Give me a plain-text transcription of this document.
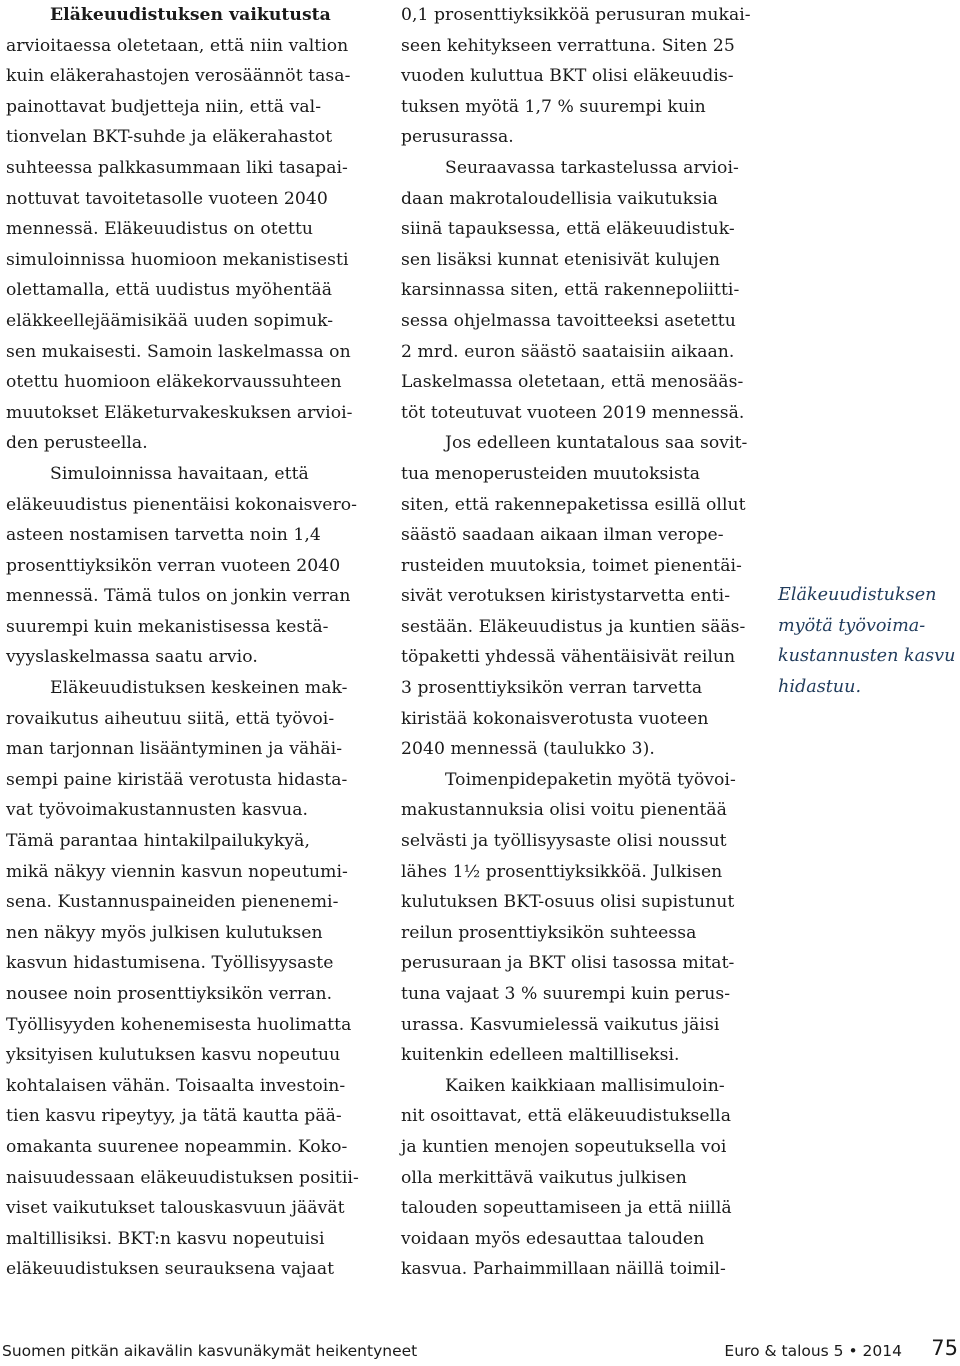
Eläkeuudistuksen vaikutusta
arvioitaessa oletetaan, että niin valtion
kuin eläkerahastojen verosäännöt tasa-
painottavat budjetteja niin, että val-
tionvelan BKT-suhde ja eläkerahastot
suhteessa palkkasummaan liki tasapai-
nottuvat tavoitetasolle vuoteen 2040
mennessä. Eläkeuudistus on otettu
simuloinnissa huomioon mekanistisesti
olettamalla, että uudistus myöhentää
eläkkeellejäämisikää uuden sopimuk-
sen mukaisesti. Samoin laskelmassa on
otettu huomioon eläkekorvaussuhteen
muutokset Eläketurvakeskuksen arvioi-
den perusteella.
Simuloinnissa havaitaan, että
eläkeuudistus pienentäisi kokonaisvero-
asteen nostamisen tarvetta noin 1,4
prosenttiyksikön verran vuoteen 2040
mennessä. Tämä tulos on jonkin verran
suurempi kuin mekanistisessa kestä-
vyyslaskelmassa saatu arvio.
Eläkeuudistuksen keskeinen mak-
rovaikutus aiheutuu siitä, että työvoi-
man tarjonnan lisääntyminen ja vähäi-
sempi paine kiristää verotusta hidasta-
vat työvoimakustannusten kasvua.
Tämä parantaa hintakilpailukykyä,
mikä näkyy viennin kasvun nopeutumi-
sena. Kustannuspaineiden pienenemi-
nen näkyy myös julkisen kulutuksen
kasvun hidastumisena. Työllisyysaste
nousee noin prosenttiyksikön verran.
Työllisyyden kohenemisesta huolimatta
yksityisen kulutuksen kasvu nopeutuu
kohtalaisen vähän. Toisaalta investoin-
tien kasvu ripeytyy, ja tätä kautta pää-
omakanta suurenee nopeammin. Koko-
naisuudessaan eläkeuudistuksen positii-
viset vaikutukset talouskasvuun jäävät
maltillisiksi. BKT:n kasvu nopeutuisi
eläkeuudistuksen seurauksena vajaat
0,1 prosenttiyksikköä perusuran mukai-
seen kehitykseen verrattuna. Siten 25
vuoden kuluttua BKT olisi eläkeuudis-
tuksen myötä 1,7 % suurempi kuin
perusurassa.
Seuraavassa tarkastelussa arvioi-
daan makrotaloudellisia vaikutuksia
siinä tapauksessa, että eläkeuudistuk-
sen lisäksi kunnat etenisivät kulujen
karsinnassa siten, että rakennepoliitti-
sessa ohjelmassa tavoitteeksi asetettu
2 mrd. euron säästö saataisiin aikaan.
Laskelmassa oletetaan, että menosääs-
töt toteutuvat vuoteen 2019 mennessä.
Jos edelleen kuntatalous saa sovit-
tua menoperusteiden muutoksista
siten, että rakennepaketissa esillä ollut
säästö saadaan aikaan ilman verope-
rusteiden muutoksia, toimet pienentäi-
sivät verotuksen kiristystarvetta enti-
sestään. Eläkeuudistus ja kuntien sääs-
töpaketti yhdessä vähentäisivät reilun
3 prosenttiyksikön verran tarvetta
kiristää kokonaisverotusta vuoteen
2040 mennessä (taulukko 3).
Toimenpidepaketin myötä työvoi-
makustannuksia olisi voitu pienentää
selvästi ja työllisyysaste olisi noussut
lähes 1½ prosenttiyksikköä. Julkisen
kulutuksen BKT-osuus olisi supistunut
reilun prosenttiyksikön suhteessa
perusuraan ja BKT olisi tasossa mitat-
tuna vajaat 3 % suurempi kuin perus-
urassa. Kasvumielessä vaikutus jäisi
kuitenkin edelleen maltilliseksi.
Kaiken kaikkiaan mallisimuloin-
nit osoittavat, että eläkeuudistuksella
ja kuntien menojen sopeutuksella voi
olla merkittävä vaikutus julkisen
talouden sopeuttamiseen ja että niillä
voidaan myös edesauttaa talouden
kasvua. Parhaimmillaan näillä toimil-
Eläkeuudistuksen
myötä työvoima-
kustannusten kasvu
hidastuu.
Suomen pitkän aikavälin kasvunäkymät heikentyneet	Euro & talous 5 • 2014 75
